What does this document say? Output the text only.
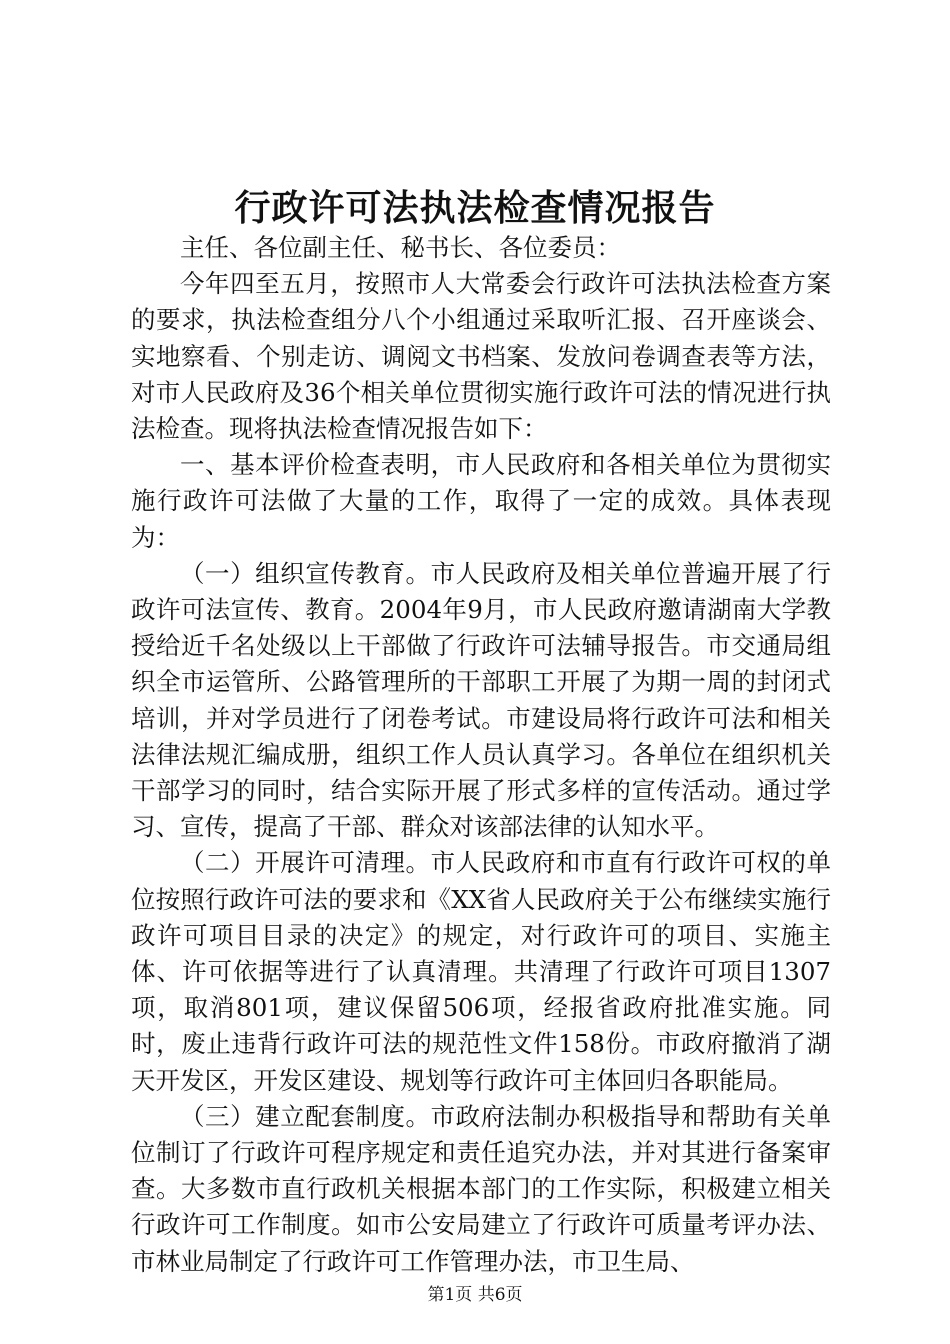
行政许可法执法检查情况报告

主任、各位副主任、秘书长、各位委员：

今年四至五月，按照市人大常委会行政许可法执法检查方案的要求，执法检查组分八个小组通过采取听汇报、召开座谈会、实地察看、个别走访、调阅文书档案、发放问卷调查表等方法，对市人民政府及36个相关单位贯彻实施行政许可法的情况进行执法检查。现将执法检查情况报告如下：

一、基本评价检查表明，市人民政府和各相关单位为贯彻实施行政许可法做了大量的工作，取得了一定的成效。具体表现为：

（一）组织宣传教育。市人民政府及相关单位普遍开展了行政许可法宣传、教育。2004年9月，市人民政府邀请湖南大学教授给近千名处级以上干部做了行政许可法辅导报告。市交通局组织全市运管所、公路管理所的干部职工开展了为期一周的封闭式培训，并对学员进行了闭卷考试。市建设局将行政许可法和相关法律法规汇编成册，组织工作人员认真学习。各单位在组织机关干部学习的同时，结合实际开展了形式多样的宣传活动。通过学习、宣传，提高了干部、群众对该部法律的认知水平。

（二）开展许可清理。市人民政府和市直有行政许可权的单位按照行政许可法的要求和《XX省人民政府关于公布继续实施行政许可项目目录的决定》的规定，对行政许可的项目、实施主体、许可依据等进行了认真清理。共清理了行政许可项目1307项，取消801项，建议保留506项，经报省政府批准实施。同时，废止违背行政许可法的规范性文件158份。市政府撤消了湖天开发区，开发区建设、规划等行政许可主体回归各职能局。

（三）建立配套制度。市政府法制办积极指导和帮助有关单位制订了行政许可程序规定和责任追究办法，并对其进行备案审查。大多数市直行政机关根据本部门的工作实际，积极建立相关行政许可工作制度。如市公安局建立了行政许可质量考评办法、市林业局制定了行政许可工作管理办法，市卫生局、

第1页 共6页
